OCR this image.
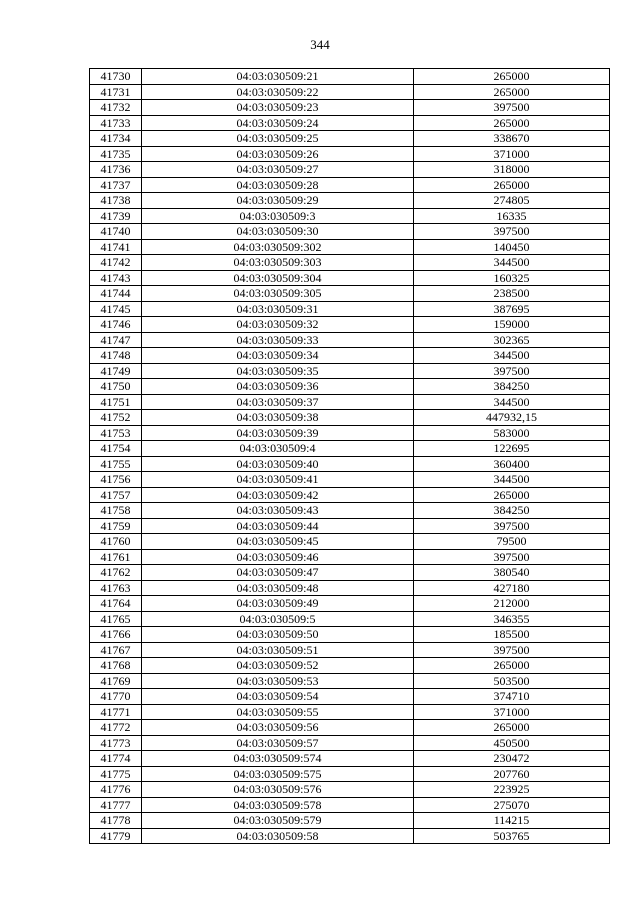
344
41730	04:03:030509:21	265000
41731	04:03:030509:22	265000
41732	04:03:030509:23	397500
41733	04:03:030509:24	265000
41734	04:03:030509:25	338670
41735	04:03:030509:26	371000
41736	04:03:030509:27	318000
41737	04:03:030509:28	265000
41738	04:03:030509:29	274805
41739	04:03:030509:3	16335
41740	04:03:030509:30	397500
41741	04:03:030509:302	140450
41742	04:03:030509:303	344500
41743	04:03:030509:304	160325
41744	04:03:030509:305	238500
41745	04:03:030509:31	387695
41746	04:03:030509:32	159000
41747	04:03:030509:33	302365
41748	04:03:030509:34	344500
41749	04:03:030509:35	397500
41750	04:03:030509:36	384250
41751	04:03:030509:37	344500
41752	04:03:030509:38	447932,15
41753	04:03:030509:39	583000
41754	04:03:030509:4	122695
41755	04:03:030509:40	360400
41756	04:03:030509:41	344500
41757	04:03:030509:42	265000
41758	04:03:030509:43	384250
41759	04:03:030509:44	397500
41760	04:03:030509:45	79500
41761	04:03:030509:46	397500
41762	04:03:030509:47	380540
41763	04:03:030509:48	427180
41764	04:03:030509:49	212000
41765	04:03:030509:5	346355
41766	04:03:030509:50	185500
41767	04:03:030509:51	397500
41768	04:03:030509:52	265000
41769	04:03:030509:53	503500
41770	04:03:030509:54	374710
41771	04:03:030509:55	371000
41772	04:03:030509:56	265000
41773	04:03:030509:57	450500
41774	04:03:030509:574	230472
41775	04:03:030509:575	207760
41776	04:03:030509:576	223925
41777	04:03:030509:578	275070
41778	04:03:030509:579	114215
41779	04:03:030509:58	503765
